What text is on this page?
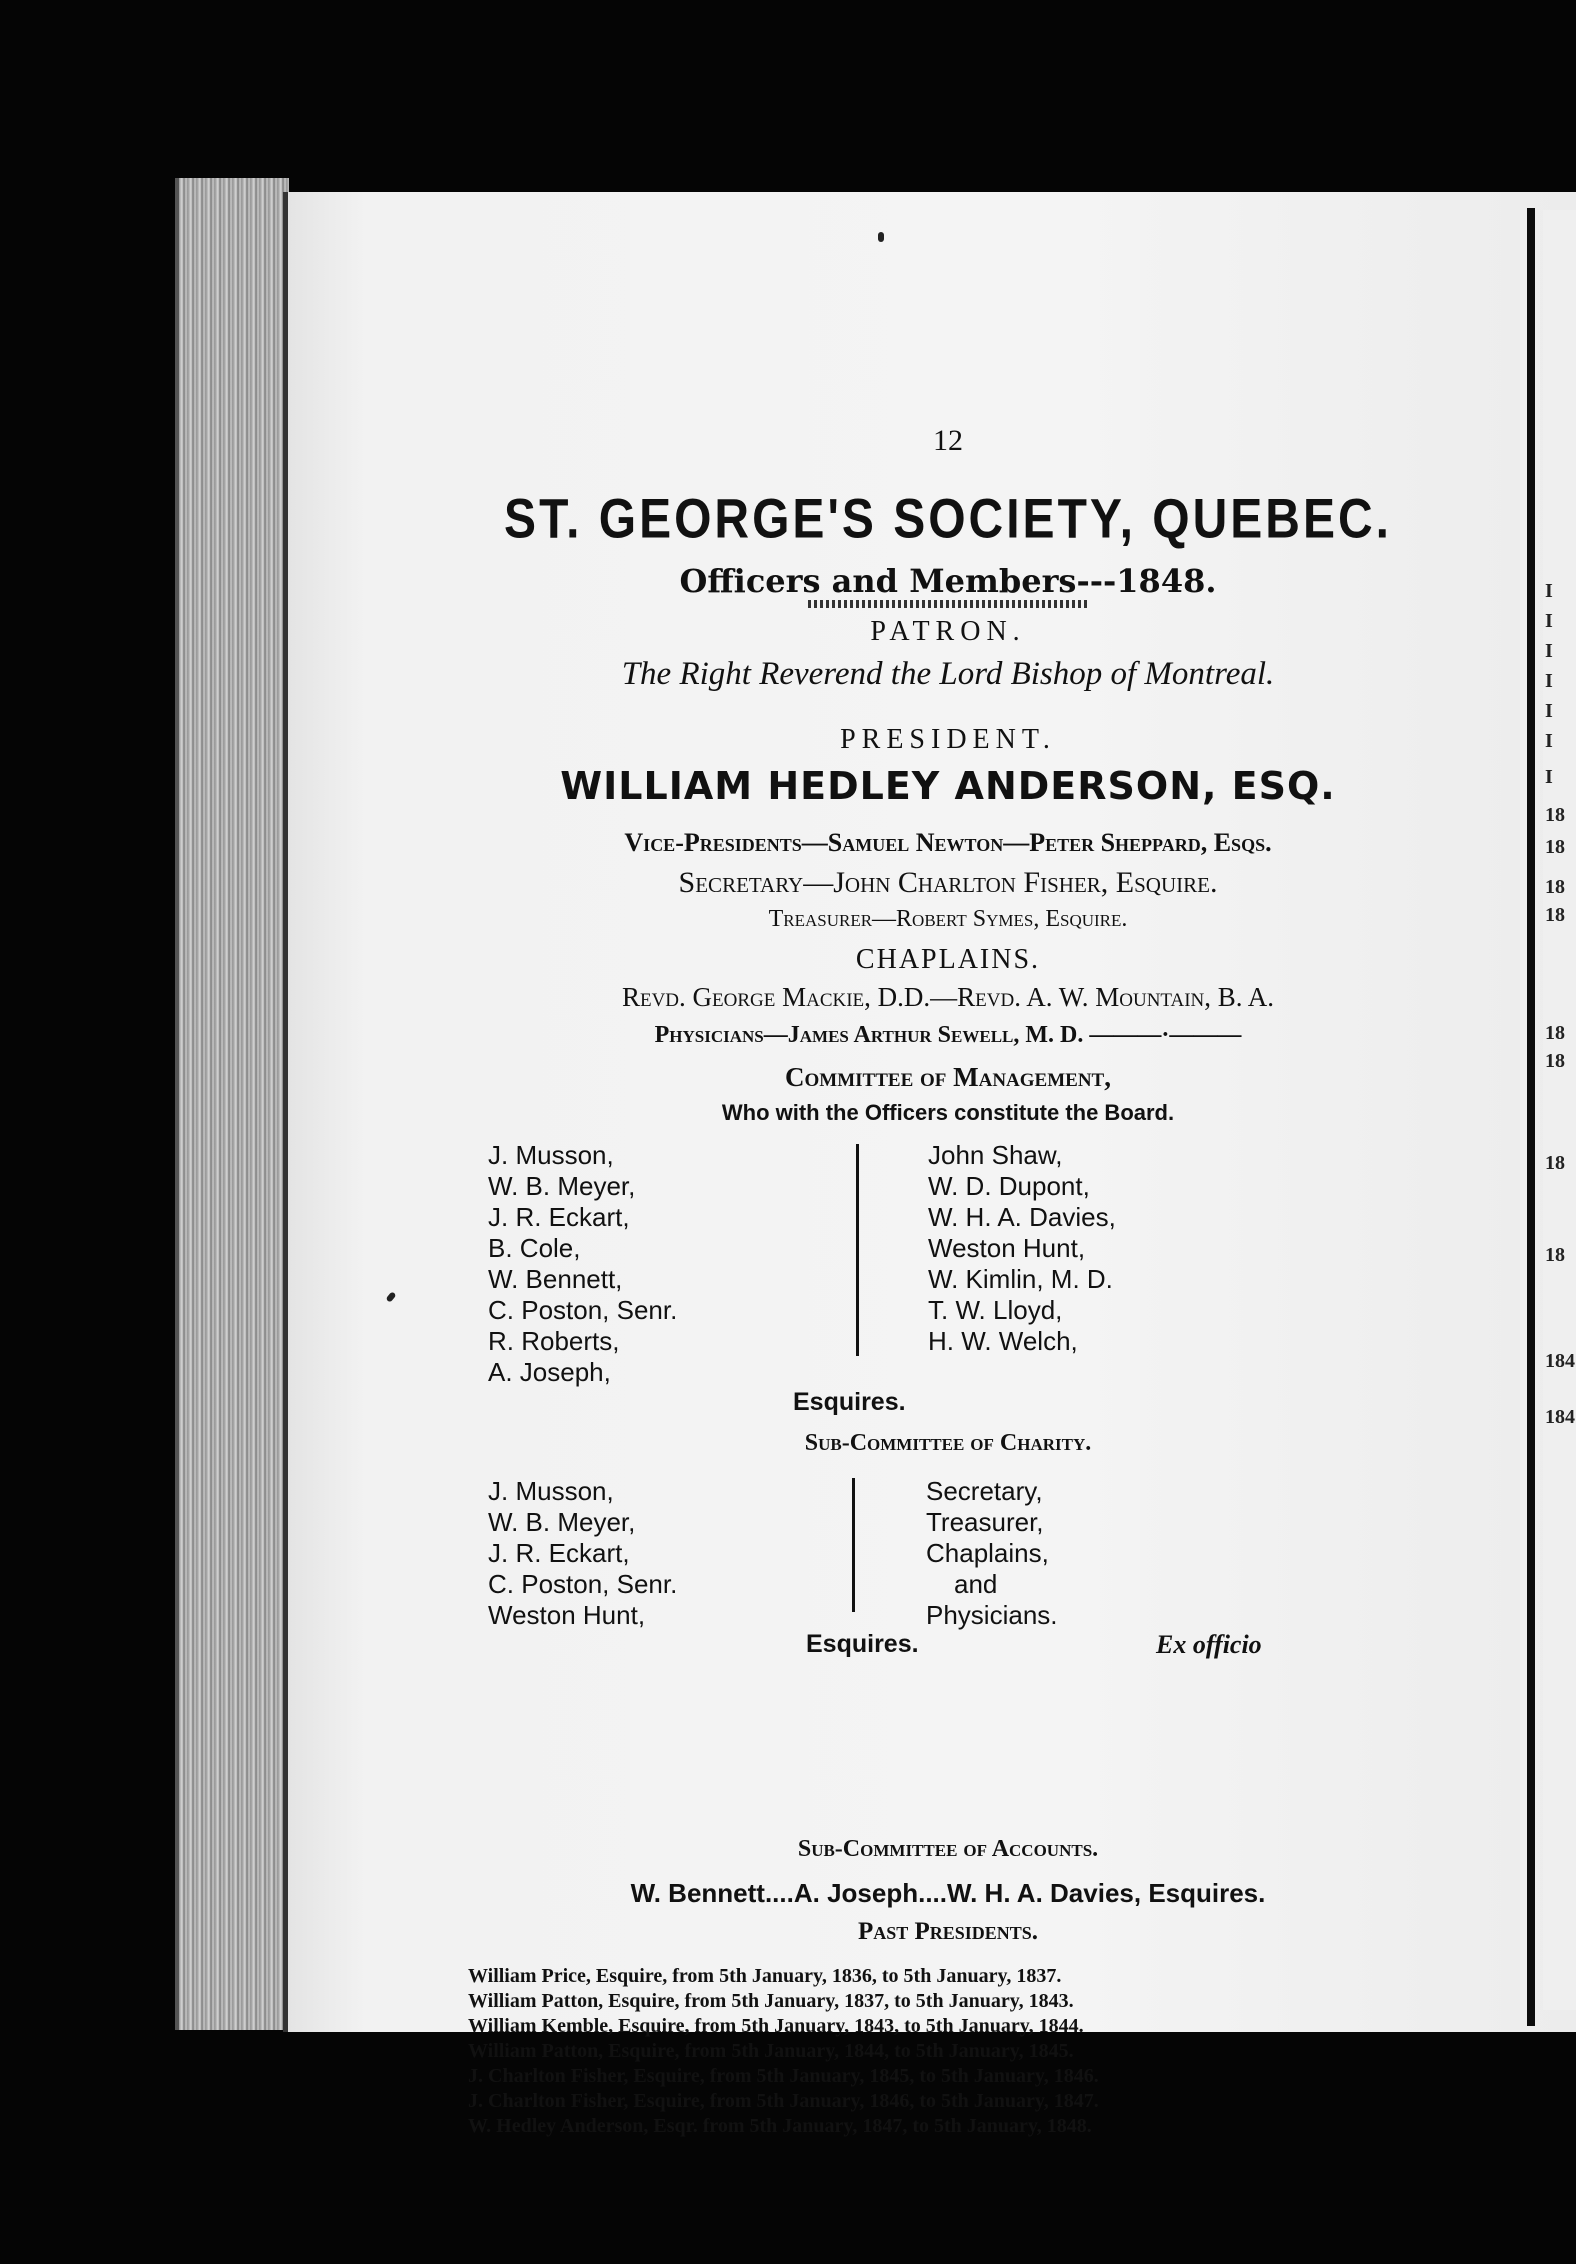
12
ST. GEORGE'S SOCIETY, QUEBEC.
Officers and Members---1848.
PATRON.
The Right Reverend the Lord Bishop of Montreal.
PRESIDENT.
WILLIAM HEDLEY ANDERSON, ESQ.
Vice-Presidents—Samuel Newton—Peter Sheppard, Esqs.
Secretary—John Charlton Fisher, Esquire.
Treasurer—Robert Symes, Esquire.
CHAPLAINS.
Revd. George Mackie, D.D.—Revd. A. W. Mountain, B. A.
Physicians—James Arthur Sewell, M. D. ———·———
Committee of Management,
Who with the Officers constitute the Board.
J. Musson,
W. B. Meyer,
J. R. Eckart,
B. Cole,
W. Bennett,
C. Poston, Senr.
R. Roberts,
A. Joseph,
John Shaw,
W. D. Dupont,
W. H. A. Davies,
Weston Hunt,
W. Kimlin, M. D.
T. W. Lloyd,
H. W. Welch,
Esquires.
Sub-Committee of Charity.
J. Musson,
W. B. Meyer,
J. R. Eckart,
C. Poston, Senr.
Weston Hunt,
Secretary,
Treasurer,
Chaplains,
and
Physicians.
Esquires.	Ex officio
Sub-Committee of Accounts.
W. Bennett....A. Joseph....W. H. A. Davies, Esquires.
Past Presidents.
William Price, Esquire, from 5th January, 1836, to 5th January, 1837.
William Patton, Esquire, from 5th January, 1837, to 5th January, 1843.
William Kemble, Esquire, from 5th January, 1843, to 5th January, 1844.
William Patton, Esquire, from 5th January, 1844, to 5th January, 1845.
J. Charlton Fisher, Esquire, from 5th January, 1845, to 5th January, 1846.
J. Charlton Fisher, Esquire, from 5th January, 1846, to 5th January, 1847.
W. Hedley Anderson, Esqr. from 5th January, 1847, to 5th January, 1848.
I
I
I
I
I
I
I
18
18
18
18
18
18
18
18
184
184
